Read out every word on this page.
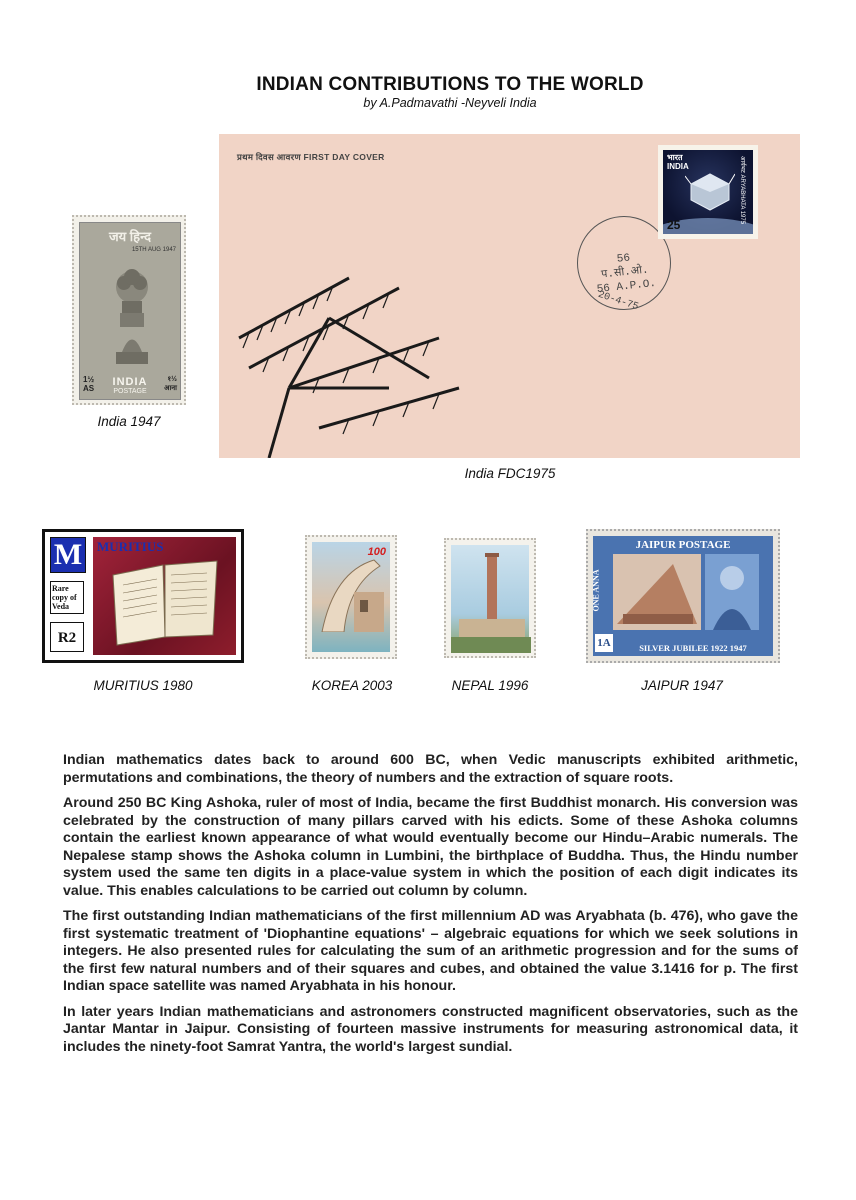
INDIAN CONTRIBUTIONS TO THE WORLD
by A.Padmavathi -Neyveli India
जय हिन्द
15TH AUG 1947
INDIA
POSTAGE
1½ AS
१½ आना
India 1947
प्रथम दिवस आवरण FIRST DAY COVER
56 प.सी.ओ.
56 A.P.O.
20-4-75
भारत
INDIA
25
आर्यभट ARYABHATA 1975
India FDC1975
M
Rare copy of Veda
R2
MURITIUS
MURITIUS 1980
100
KOREA 2003	NEPAL 1996
JAIPUR POSTAGE
ONE ANNA
1A	SILVER JUBILEE 1922 1947
JAIPUR 1947

Indian mathematics dates back to around 600 BC, when Vedic manuscripts exhibited arithmetic, permutations and combinations, the theory of numbers and the extraction of square roots.

Around 250 BC King Ashoka, ruler of most of India, became the first Buddhist monarch. His conversion was celebrated by the construction of many pillars carved with his edicts. Some of these Ashoka columns contain the earliest known appearance of what would eventually become our Hindu–Arabic numerals. The Nepalese stamp shows the Ashoka column in Lumbini, the birthplace of Buddha. Thus, the Hindu number system used the same ten digits in a place-value system in which the position of each digit indicates its value. This enables calculations to be carried out column by column.

The first outstanding Indian mathematicians of the first millennium AD was Aryabhata (b. 476), who gave the first systematic treatment of 'Diophantine equations' – algebraic equations for which we seek solutions in integers. He also presented rules for calculating the sum of an arithmetic progression and for the sums of the first few natural numbers and of their squares and cubes, and obtained the value 3.1416 for p. The first Indian space satellite was named Aryabhata in his honour.

In later years Indian mathematicians and astronomers constructed magnificent observatories, such as the Jantar Mantar in Jaipur. Consisting of fourteen massive instruments for measuring astronomical data, it includes the ninety-foot Samrat Yantra, the world's largest sundial.
